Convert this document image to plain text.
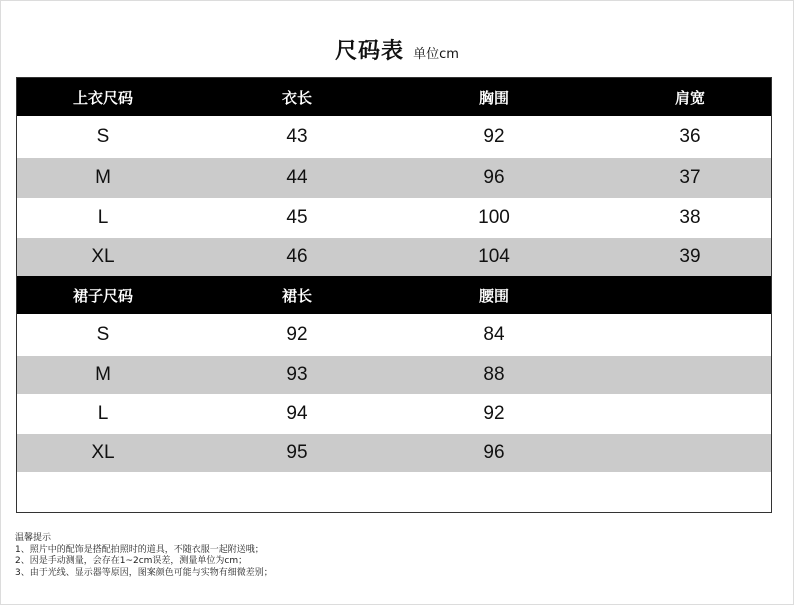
尺码表 单位cm
上衣尺码	衣长	胸围	肩宽
S	43	92	36
M	44	96	37
L	45	100	38
XL	46	104	39
裙子尺码	裙长	腰围
S	92	84
M	93	88
L	94	92
XL	95	96
温馨提示
1、照片中的配饰是搭配拍照时的道具，不随衣服一起附送哦；
2、因是手动测量，会存在1~2cm误差，测量单位为cm；
3、由于光线、显示器等原因，图案颜色可能与实物有细微差别；
